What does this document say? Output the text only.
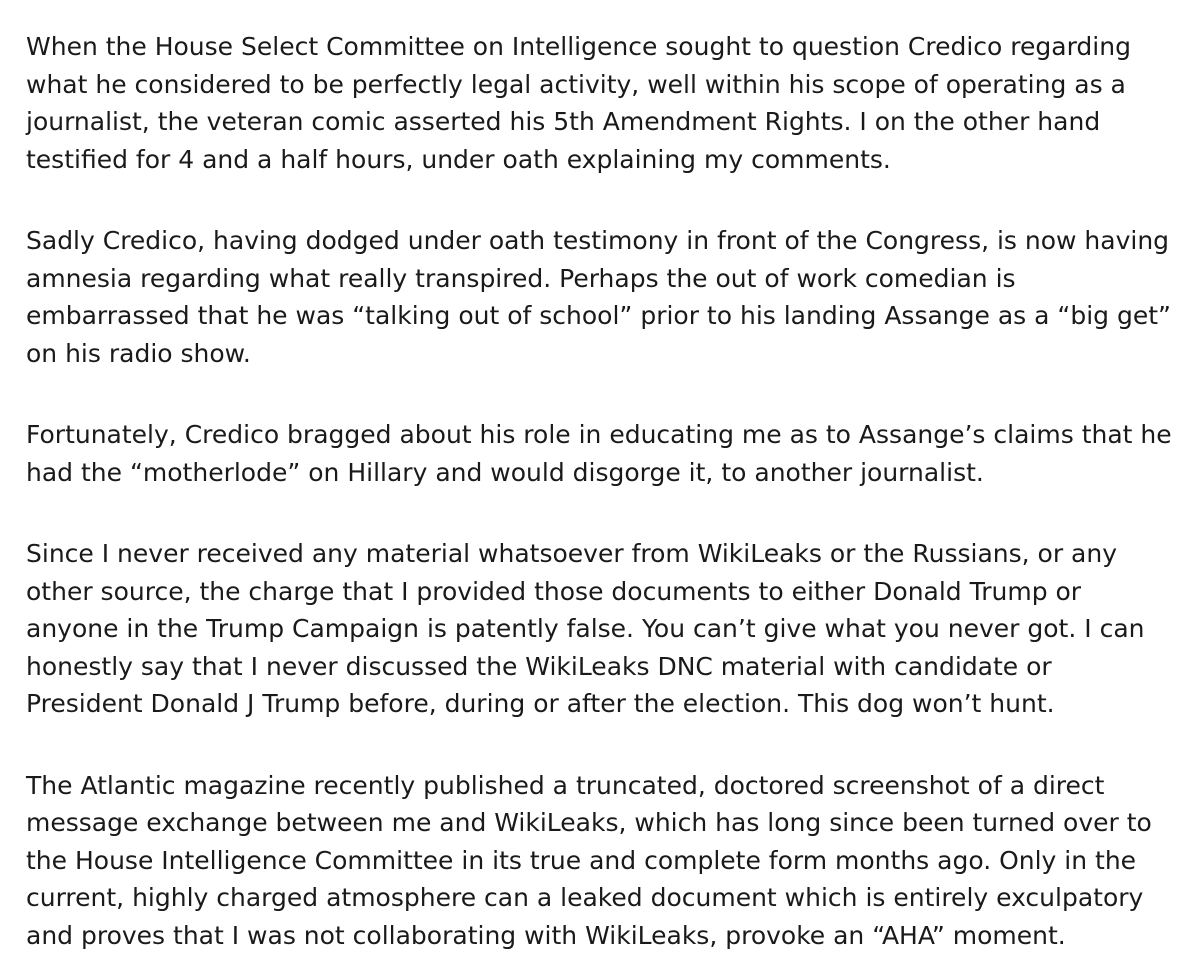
When the House Select Committee on Intelligence sought to question Credico regarding what he considered to be perfectly legal activity, well within his scope of operating as a journalist, the veteran comic asserted his 5th Amendment Rights. I on the other hand testified for 4 and a half hours, under oath explaining my comments.

Sadly Credico, having dodged under oath testimony in front of the Congress, is now having amnesia regarding what really transpired. Perhaps the out of work comedian is embarrassed that he was “talking out of school” prior to his landing Assange as a “big get” on his radio show.

Fortunately, Credico bragged about his role in educating me as to Assange’s claims that he had the “motherlode” on Hillary and would disgorge it, to another journalist.

Since I never received any material whatsoever from WikiLeaks or the Russians, or any other source, the charge that I provided those documents to either Donald Trump or anyone in the Trump Campaign is patently false. You can’t give what you never got. I can honestly say that I never discussed the WikiLeaks DNC material with candidate or President Donald J Trump before, during or after the election. This dog won’t hunt.

The Atlantic magazine recently published a truncated, doctored screenshot of a direct message exchange between me and WikiLeaks, which has long since been turned over to the House Intelligence Committee in its true and complete form months ago. Only in the current, highly charged atmosphere can a leaked document which is entirely exculpatory and proves that I was not collaborating with WikiLeaks, provoke an “AHA” moment.
